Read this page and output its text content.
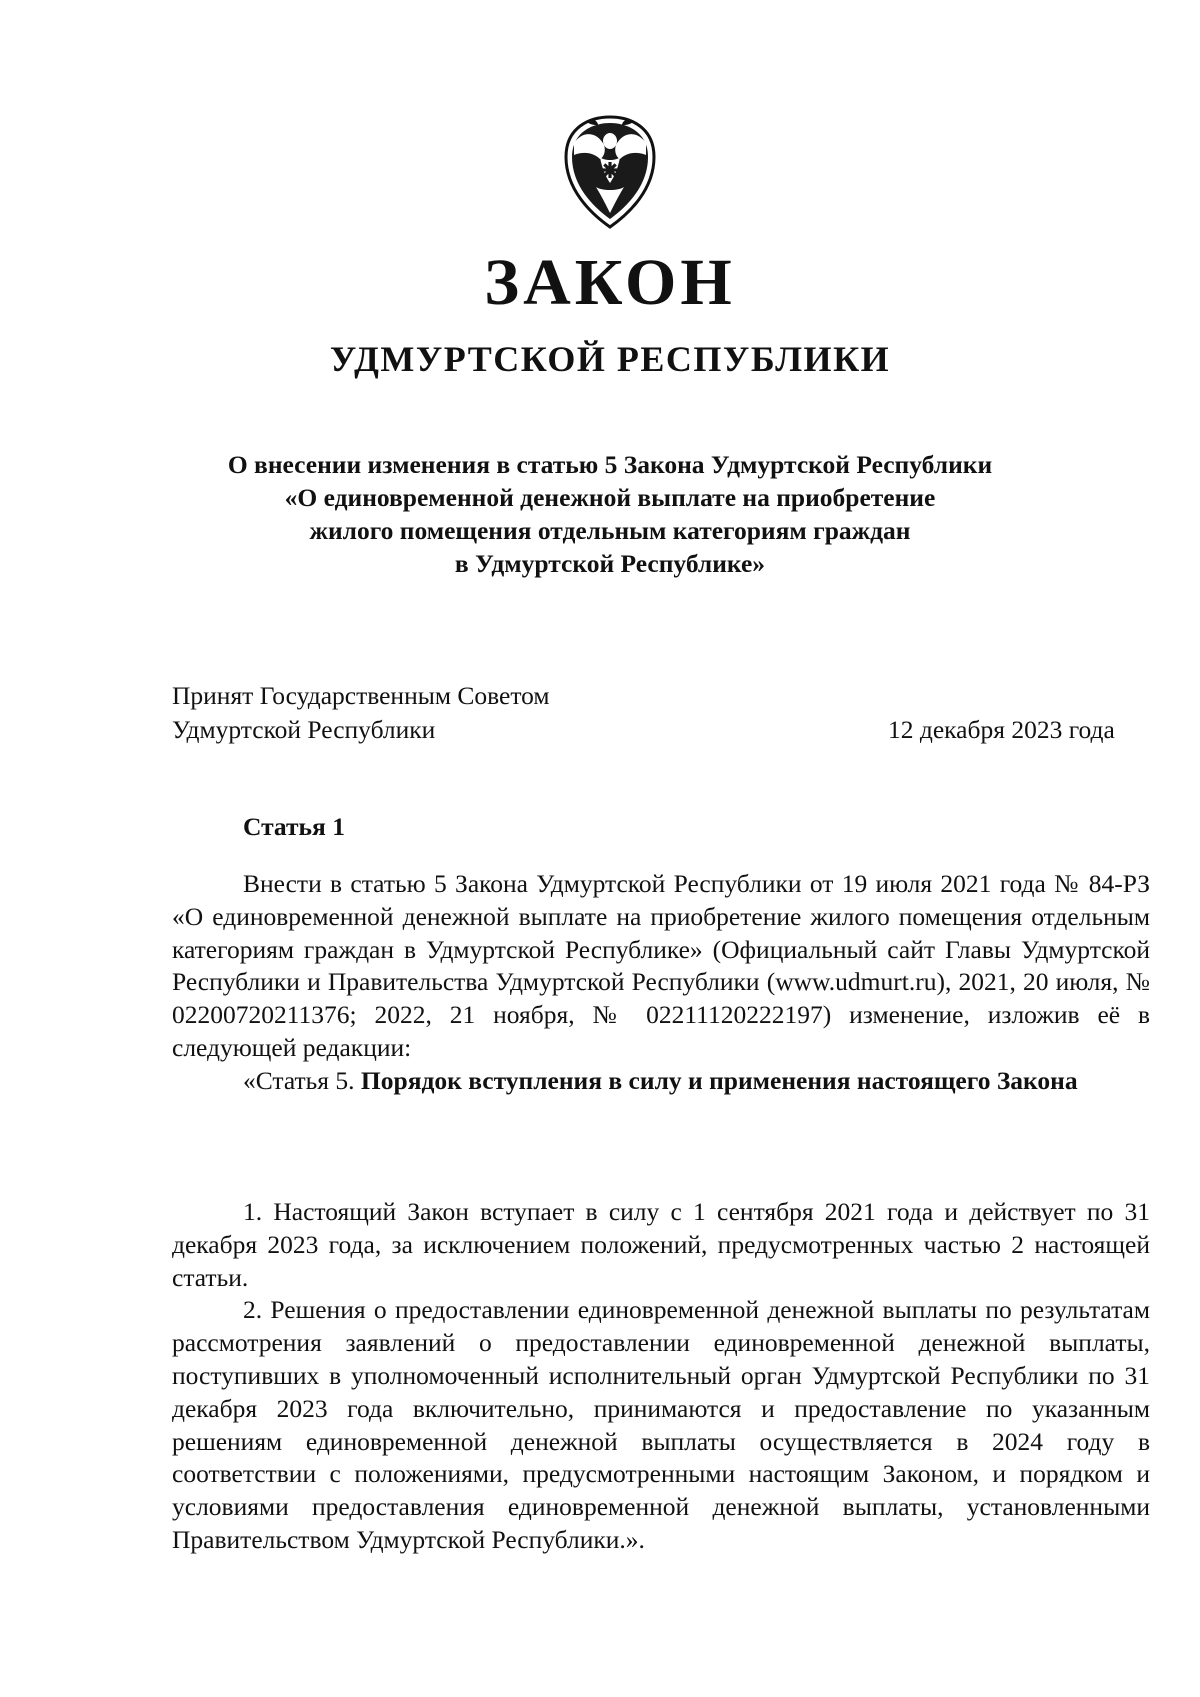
ЗАКОН
УДМУРТСКОЙ РЕСПУБЛИКИ
О внесении изменения в статью 5 Закона Удмуртской Республики
«О единовременной денежной выплате на приобретение
жилого помещения отдельным категориям граждан
в Удмуртской Республике»
Принят Государственным Советом
Удмуртской Республики	12 декабря 2023 года
Статья 1

Внести в статью 5 Закона Удмуртской Республики от 19 июля 2021 года № 84-РЗ «О единовременной денежной выплате на приобретение жилого помещения отдельным категориям граждан в Удмуртской Республике» (Официальный сайт Главы Удмуртской Республики и Правительства Удмуртской Республики (www.udmurt.ru), 2021, 20 июля, № 02200720211376; 2022, 21 ноября, № 02211120222197) изменение, изложив её в следующей редакции:

«Статья 5. Порядок вступления в силу и применения настоящего Закона

1. Настоящий Закон вступает в силу с 1 сентября 2021 года и действует по 31 декабря 2023 года, за исключением положений, предусмотренных частью 2 настоящей статьи.

2. Решения о предоставлении единовременной денежной выплаты по результатам рассмотрения заявлений о предоставлении единовременной денежной выплаты, поступивших в уполномоченный исполнительный орган Удмуртской Республики по 31 декабря 2023 года включительно, принимаются и предоставление по указанным решениям единовременной денежной выплаты осуществляется в 2024 году в соответствии с положениями, предусмотренными настоящим Законом, и порядком и условиями предоставления единовременной денежной выплаты, установленными Правительством Удмуртской Республики.».
